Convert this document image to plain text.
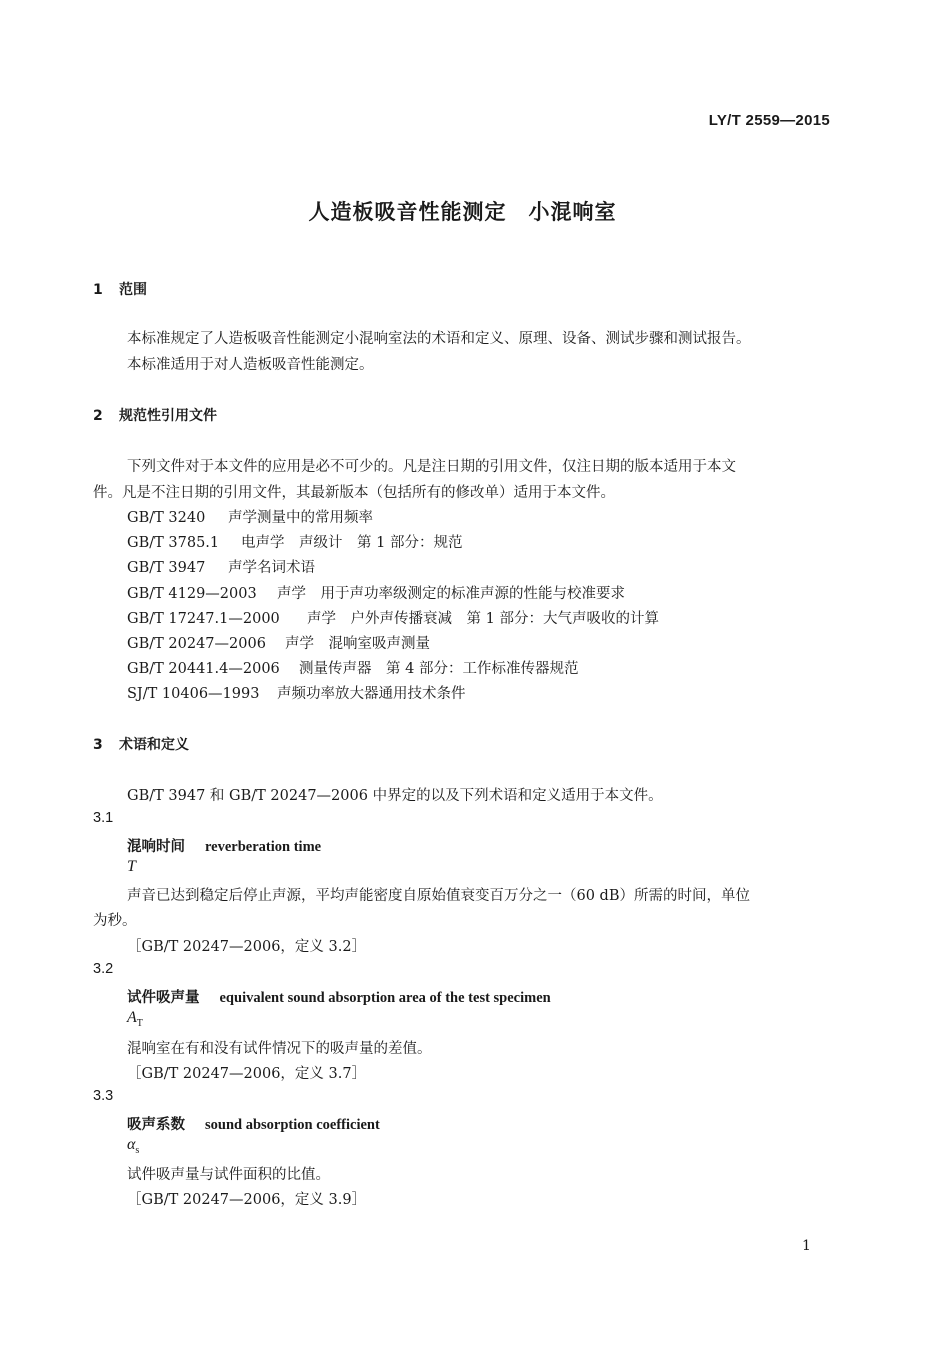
LY/T 2559—2015
人造板吸音性能测定　小混响室
1 范围
本标准规定了人造板吸音性能测定小混响室法的术语和定义、原理、设备、测试步骤和测试报告。
本标准适用于对人造板吸音性能测定。
2 规范性引用文件
下列文件对于本文件的应用是必不可少的。凡是注日期的引用文件，仅注日期的版本适用于本文
件。凡是不注日期的引用文件，其最新版本（包括所有的修改单）适用于本文件。
GB/T 3240 声学测量中的常用频率
GB/T 3785.1 电声学　声级计　第 1 部分：规范
GB/T 3947 声学名词术语
GB/T 4129—2003 声学　用于声功率级测定的标准声源的性能与校准要求
GB/T 17247.1—2000 声学　户外声传播衰减　第 1 部分：大气声吸收的计算
GB/T 20247—2006 声学　混响室吸声测量
GB/T 20441.4—2006 测量传声器　第 4 部分：工作标准传器规范
SJ/T 10406—1993 声频功率放大器通用技术条件
3 术语和定义
GB/T 3947 和 GB/T 20247—2006 中界定的以及下列术语和定义适用于本文件。
3.1
混响时间 reverberation time
T
声音已达到稳定后停止声源，平均声能密度自原始值衰变百万分之一（60 dB）所需的时间，单位
为秒。
［GB/T 20247—2006，定义 3.2］
3.2
试件吸声量 equivalent sound absorption area of the test specimen
$A_T$
混响室在有和没有试件情况下的吸声量的差值。
［GB/T 20247—2006，定义 3.7］
3.3
吸声系数 sound absorption coefficient
$\alpha_s$
试件吸声量与试件面积的比值。
［GB/T 20247—2006，定义 3.9］
1
